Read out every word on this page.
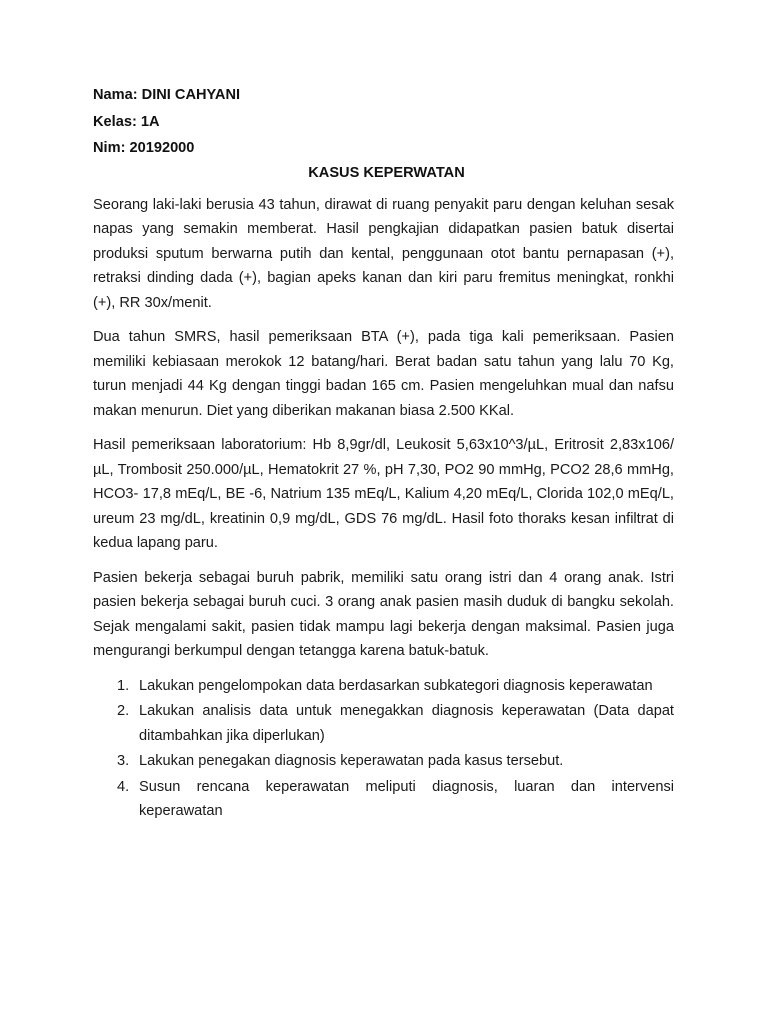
Nama: DINI CAHYANI
Kelas: 1A
Nim: 20192000
KASUS KEPERWATAN

Seorang laki-laki berusia 43 tahun, dirawat di ruang penyakit paru dengan keluhan sesak napas yang semakin memberat. Hasil pengkajian didapatkan pasien batuk disertai produksi sputum berwarna putih dan kental, penggunaan otot bantu pernapasan (+), retraksi dinding dada (+), bagian apeks kanan dan kiri paru fremitus meningkat, ronkhi (+), RR 30x/menit.

Dua tahun SMRS, hasil pemeriksaan BTA (+), pada tiga kali pemeriksaan. Pasien memiliki kebiasaan merokok 12 batang/hari. Berat badan satu tahun yang lalu 70 Kg, turun menjadi 44 Kg dengan tinggi badan 165 cm. Pasien mengeluhkan mual dan nafsu makan menurun. Diet yang diberikan makanan biasa 2.500 KKal.

Hasil pemeriksaan laboratorium: Hb 8,9gr/dl, Leukosit 5,63x10^3/µL, Eritrosit 2,83x106/µL, Trombosit 250.000/µL, Hematokrit 27 %, pH 7,30, PO2 90 mmHg, PCO2 28,6 mmHg, HCO3- 17,8 mEq/L, BE -6, Natrium 135 mEq/L, Kalium 4,20 mEq/L, Clorida 102,0 mEq/L, ureum 23 mg/dL, kreatinin 0,9 mg/dL, GDS 76 mg/dL. Hasil foto thoraks kesan infiltrat di kedua lapang paru.

Pasien bekerja sebagai buruh pabrik, memiliki satu orang istri dan 4 orang anak. Istri pasien bekerja sebagai buruh cuci. 3 orang anak pasien masih duduk di bangku sekolah. Sejak mengalami sakit, pasien tidak mampu lagi bekerja dengan maksimal. Pasien juga mengurangi berkumpul dengan tetangga karena batuk-batuk.

1. Lakukan pengelompokan data berdasarkan subkategori diagnosis keperawatan
2. Lakukan analisis data untuk menegakkan diagnosis keperawatan (Data dapat ditambahkan jika diperlukan)
3. Lakukan penegakan diagnosis keperawatan pada kasus tersebut.
4. Susun rencana keperawatan meliputi diagnosis, luaran dan intervensi keperawatan
